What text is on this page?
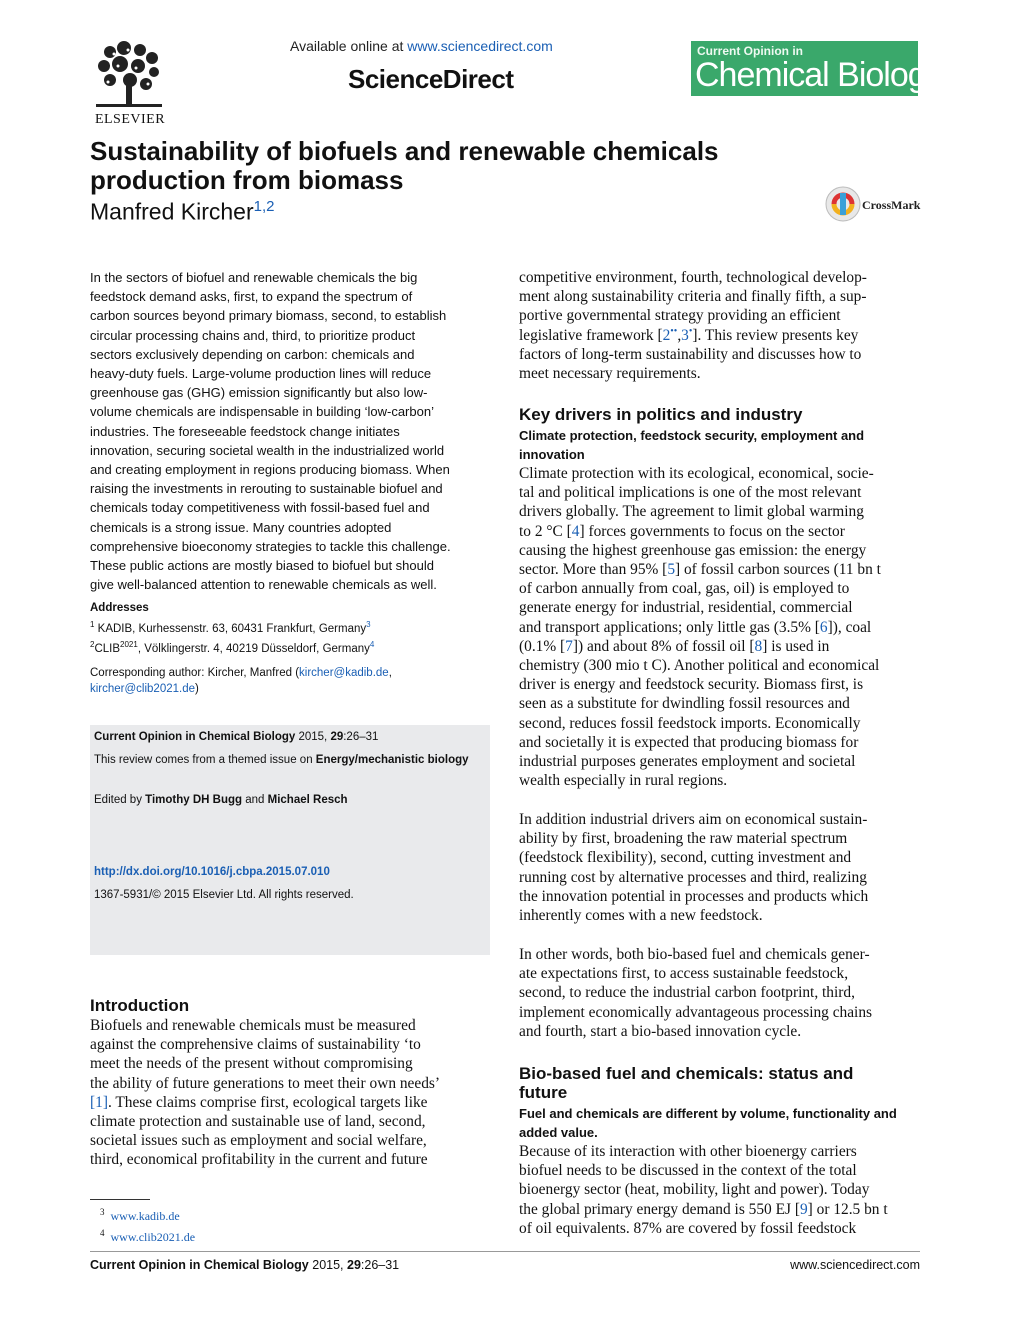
ELSEVIER
Available online at www.sciencedirect.com
ScienceDirect
Current Opinion in
Chemical Biology
Sustainability of biofuels and renewable chemicals
production from biomass
Manfred Kircher$^{1,2}$	CrossMark
In the sectors of biofuel and renewable chemicals the big
feedstock demand asks, first, to expand the spectrum of
carbon sources beyond primary biomass, second, to establish
circular processing chains and, third, to prioritize product
sectors exclusively depending on carbon: chemicals and
heavy-duty fuels. Large-volume production lines will reduce
greenhouse gas (GHG) emission significantly but also low-
volume chemicals are indispensable in building ‘low-carbon’
industries. The foreseeable feedstock change initiates
innovation, securing societal wealth in the industrialized world
and creating employment in regions producing biomass. When
raising the investments in rerouting to sustainable biofuel and
chemicals today competitiveness with fossil-based fuel and
chemicals is a strong issue. Many countries adopted
comprehensive bioeconomy strategies to tackle this challenge.
These public actions are mostly biased to biofuel but should
give well-balanced attention to renewable chemicals as well.
Addresses
$^1$ KADIB, Kurhessenstr. 63, 60431 Frankfurt, Germany$^3$
$^2CLIB^{2021}$, Völklingerstr. 4, 40219 Düsseldorf, Germany$^4$
Corresponding author: Kircher, Manfred (kircher@kadib.de,
kircher@clib2021.de)
Current Opinion in Chemical Biology 2015, 29:26–31
This review comes from a themed issue on Energy/mechanistic biology
Edited by Timothy DH Bugg and Michael Resch
http://dx.doi.org/10.1016/j.cbpa.2015.07.010
1367-5931/© 2015 Elsevier Ltd. All rights reserved.
Introduction
Biofuels and renewable chemicals must be measured
against the comprehensive claims of sustainability ‘to
meet the needs of the present without compromising
the ability of future generations to meet their own needs’
[1]. These claims comprise first, ecological targets like
climate protection and sustainable use of land, second,
societal issues such as employment and social welfare,
third, economical profitability in the current and future
$^3$ www.kadib.de
$^4$ www.clib2021.de
competitive environment, fourth, technological develop-
ment along sustainability criteria and finally fifth, a sup-
portive governmental strategy providing an efficient
legislative framework [2••,3•]. This review presents key
factors of long-term sustainability and discusses how to
meet necessary requirements.
Key drivers in politics and industry
Climate protection, feedstock security, employment and innovation
Climate protection with its ecological, economical, socie-
tal and political implications is one of the most relevant
drivers globally. The agreement to limit global warming
to 2 °C [4] forces governments to focus on the sector
causing the highest greenhouse gas emission: the energy
sector. More than 95% [5] of fossil carbon sources (11 bn t
of carbon annually from coal, gas, oil) is employed to
generate energy for industrial, residential, commercial
and transport applications; only little gas (3.5% [6]), coal
(0.1% [7]) and about 8% of fossil oil [8] is used in
chemistry (300 mio t C). Another political and economical
driver is energy and feedstock security. Biomass first, is
seen as a substitute for dwindling fossil resources and
second, reduces fossil feedstock imports. Economically
and societally it is expected that producing biomass for
industrial purposes generates employment and societal
wealth especially in rural regions.
In addition industrial drivers aim on economical sustain-
ability by first, broadening the raw material spectrum
(feedstock flexibility), second, cutting investment and
running cost by alternative processes and third, realizing
the innovation potential in processes and products which
inherently comes with a new feedstock.
In other words, both bio-based fuel and chemicals gener-
ate expectations first, to access sustainable feedstock,
second, to reduce the industrial carbon footprint, third,
implement economically advantageous processing chains
and fourth, start a bio-based innovation cycle.
Bio-based fuel and chemicals: status and future
Fuel and chemicals are different by volume, functionality and added value.
Because of its interaction with other bioenergy carriers
biofuel needs to be discussed in the context of the total
bioenergy sector (heat, mobility, light and power). Today
the global primary energy demand is 550 EJ [9] or 12.5 bn t
of oil equivalents. 87% are covered by fossil feedstock
Current Opinion in Chemical Biology 2015, 29:26–31	www.sciencedirect.com
